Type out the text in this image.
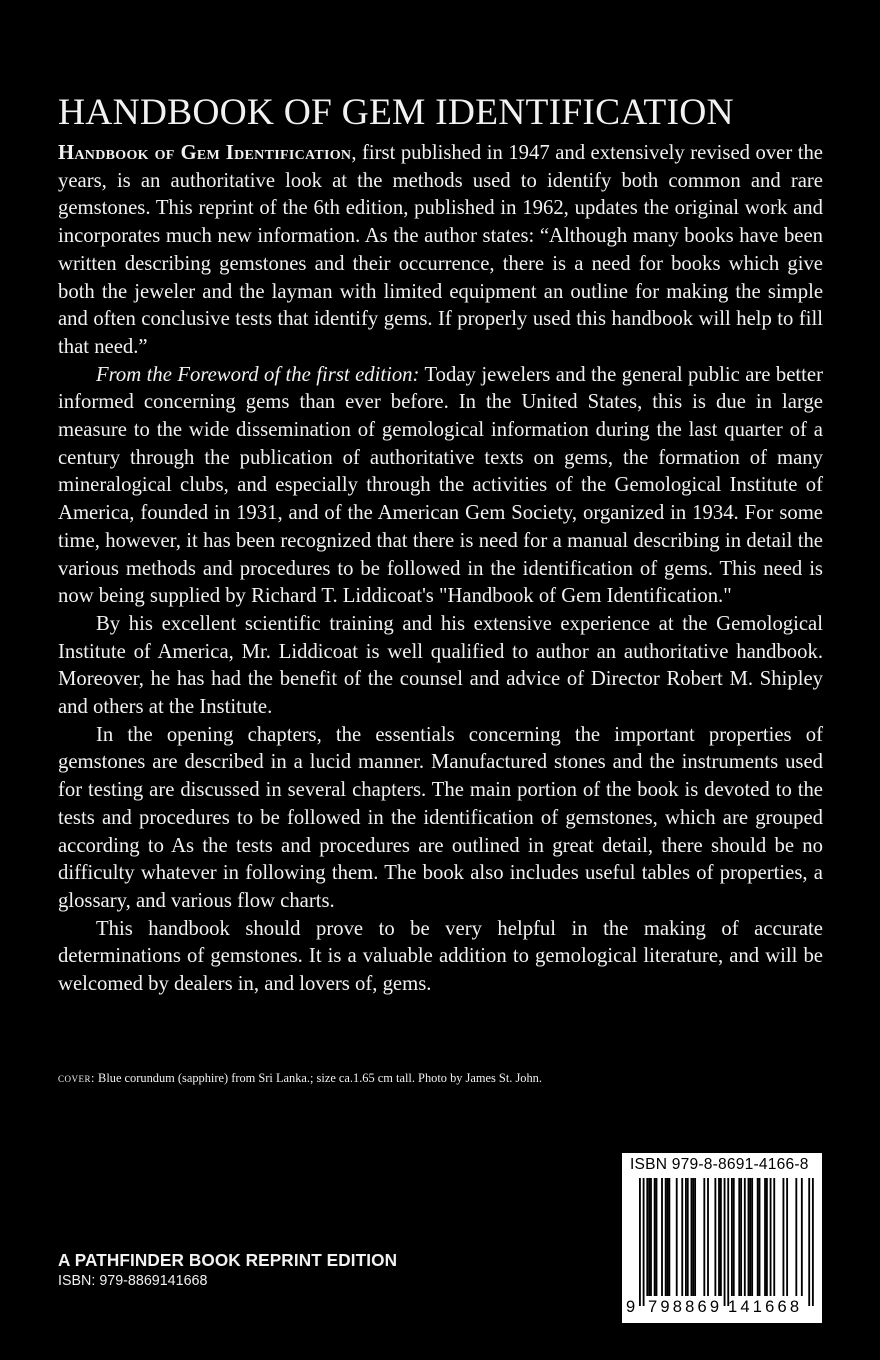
HANDBOOK OF GEM IDENTIFICATION

Handbook of Gem Identification, first published in 1947 and extensively revised over the years, is an authoritative look at the methods used to identify both common and rare gemstones. This reprint of the 6th edition, published in 1962, updates the original work and incorporates much new information. As the author states: “Although many books have been written describing gemstones and their occurrence, there is a need for books which give both the jeweler and the layman with limited equipment an outline for making the simple and often conclusive tests that identify gems. If properly used this handbook will help to fill that need.”

From the Foreword of the first edition: Today jewelers and the general public are better informed concerning gems than ever before. In the United States, this is due in large measure to the wide dissemination of gemological information during the last quarter of a century through the publication of authoritative texts on gems, the formation of many mineralogical clubs, and especially through the activities of the Gemological Institute of America, founded in 1931, and of the American Gem Society, organized in 1934. For some time, however, it has been recognized that there is need for a manual describing in detail the various methods and procedures to be followed in the identification of gems. This need is now being supplied by Richard T. Liddicoat's "Handbook of Gem Identification."

By his excellent scientific training and his extensive experience at the Gemological Institute of America, Mr. Liddicoat is well qualified to author an authoritative handbook. Moreover, he has had the benefit of the counsel and advice of Director Robert M. Shipley and others at the Institute.

In the opening chapters, the essentials concerning the important properties of gemstones are described in a lucid manner. Manufactured stones and the instruments used for testing are discussed in several chapters. The main portion of the book is devoted to the tests and procedures to be followed in the identification of gemstones, which are grouped according to As the tests and procedures are outlined in great detail, there should be no difficulty whatever in following them. The book also includes useful tables of properties, a glossary, and various flow charts.

This handbook should prove to be very helpful in the making of accurate determinations of gemstones. It is a valuable addition to gemological literature, and will be welcomed by dealers in, and lovers of, gems.

cover: Blue corundum (sapphire) from Sri Lanka.; size ca.1.65 cm tall. Photo by James St. John.
A PATHFINDER BOOK REPRINT EDITION
ISBN: 979-8869141668
ISBN 979-8-8691-4166-8
9 798869 141668
